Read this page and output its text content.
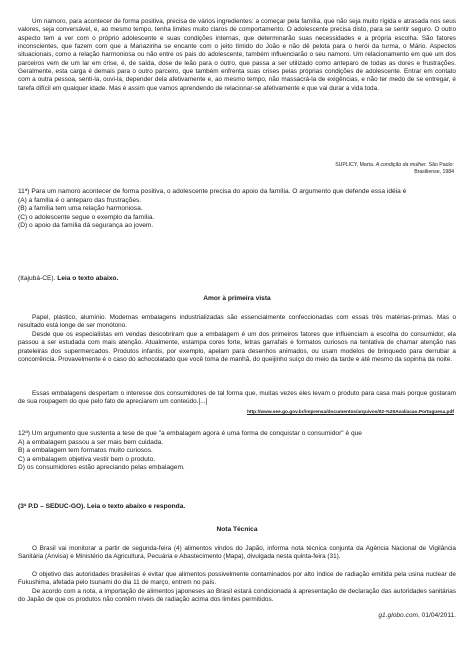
Um namoro, para acontecer de forma positiva, precisa de vários ingredientes: a começar pela família, que não seja muito rígida e atrasada nos seus valores, seja conversável, e, ao mesmo tempo, tenha limites muito claros de comportamento. O adolescente precisa disto, para se sentir seguro. O outro aspecto tem a ver com o próprio adolescente e suas condições internas, que determinarão suas necessidades e a própria escolha. São fatores inconscientes, que fazem com que a Mariazinha se encante com o jeito tímido do João e não dê pelota para o herói da turma, o Mário. Aspectos situacionais, como a relação harmoniosa ou não entre os pais do adolescente, também influenciarão o seu namoro. Um relacionamento em que um dos parceiros vem de um lar em crise, é, de saída, dose de leão para o outro, que passa a ser utilizado como anteparo de todas as dores e frustrações. Geralmente, esta carga é demais para o outro parceiro, que também enfrenta suas crises pelas próprias condições de adolescente. Entrar em contato com a outra pessoa, senti-la, ouvi-la, depender dela afetivamente e, ao mesmo tempo, não massacrá-la de exigências, e não ter medo de se entregar, é tarefa difícil em qualquer idade. Mas é assim que vamos aprendendo de relacionar-se afetivamente e que vai durar a vida toda.

SUPLICY, Marta. A condição da mulher. São Paulo:
Brasiliense, 1984

11ª) Para um namoro acontecer de forma positiva, o adolescente precisa do apoio da família. O argumento que defende essa idéia é

(A) a família é o anteparo das frustrações.
(B) a família tem uma relação harmoniosa.
(C) o adolescente segue o exemplo da família.
(D) o apoio da família dá segurança ao jovem.
(Itajubá-CE). Leia o texto abaixo.
Amor à primeira vista

Papel, plástico, alumínio. Modernas embalagens industrializadas são essencialmente confeccionadas com essas três matérias-primas. Mas o resultado está longe de ser monótono.

Desde que os especialistas em vendas descobriram que a embalagem é um dos primeiros fatores que influenciam a escolha do consumidor, ela passou a ser estudada com mais atenção. Atualmente, estampa cores forte, letras garrafais e formatos curiosos na tentativa de chamar atenção nas prateleiras dos supermercados. Produtos infantis, por exemplo, apelam para desenhos animados, ou usam modelos de brinquedo para derrubar a concorrência. Provavelmente é o caso do achocolatado que você toma de manhã, do queijinho suíço do meio da tarde e até mesmo da sopinha da noite.

Essas embalagens despertam o interesse dos consumidores de tal forma que, muitas vezes eles levam o produto para casa mais porque gostaram de sua roupagem do que pelo fato de apreciarem um conteúdo.[...]

http://www.see.go.gov.br/imprensa/documentos/arquivos/02-%20Avaliacao.Portuguesa.pdf
12ª) Um argumento que sustenta a tese de que "a embalagem agora é uma forma de conquistar o consumidor" é que
A) a embalagem passou a ser mais bem cuidada.
B) a embalagem tem formatos muito curiosos.
C) a embalagem objetiva vestir bem o produto.
D) os consumidores estão apreciando pelas embalagem.
(3ª P.D – SEDUC-GO). Leia o texto abaixo e responda.
Nota Técnica

O Brasil vai monitorar a partir de segunda-feira (4) alimentos vindos do Japão, informa nota técnica conjunta da Agência Nacional de Vigilância Sanitária (Anvisa) e Ministério da Agricultura, Pecuária e Abastecimento (Mapa), divulgada nesta quinta-feira (31).

O objetivo das autoridades brasileiras é evitar que alimentos possivelmente contaminados por alto índice de radiação emitida pela usina nuclear de Fukushima, afetada pelo tsunami do dia 11 de março, entrem no país.

De acordo com a nota, a importação de alimentos japoneses ao Brasil estará condicionada à apresentação de declaração das autoridades sanitárias do Japão de que os produtos não contêm níveis de radiação acima dos limites permitidos.

g1.globo.com, 01/04/2011.
